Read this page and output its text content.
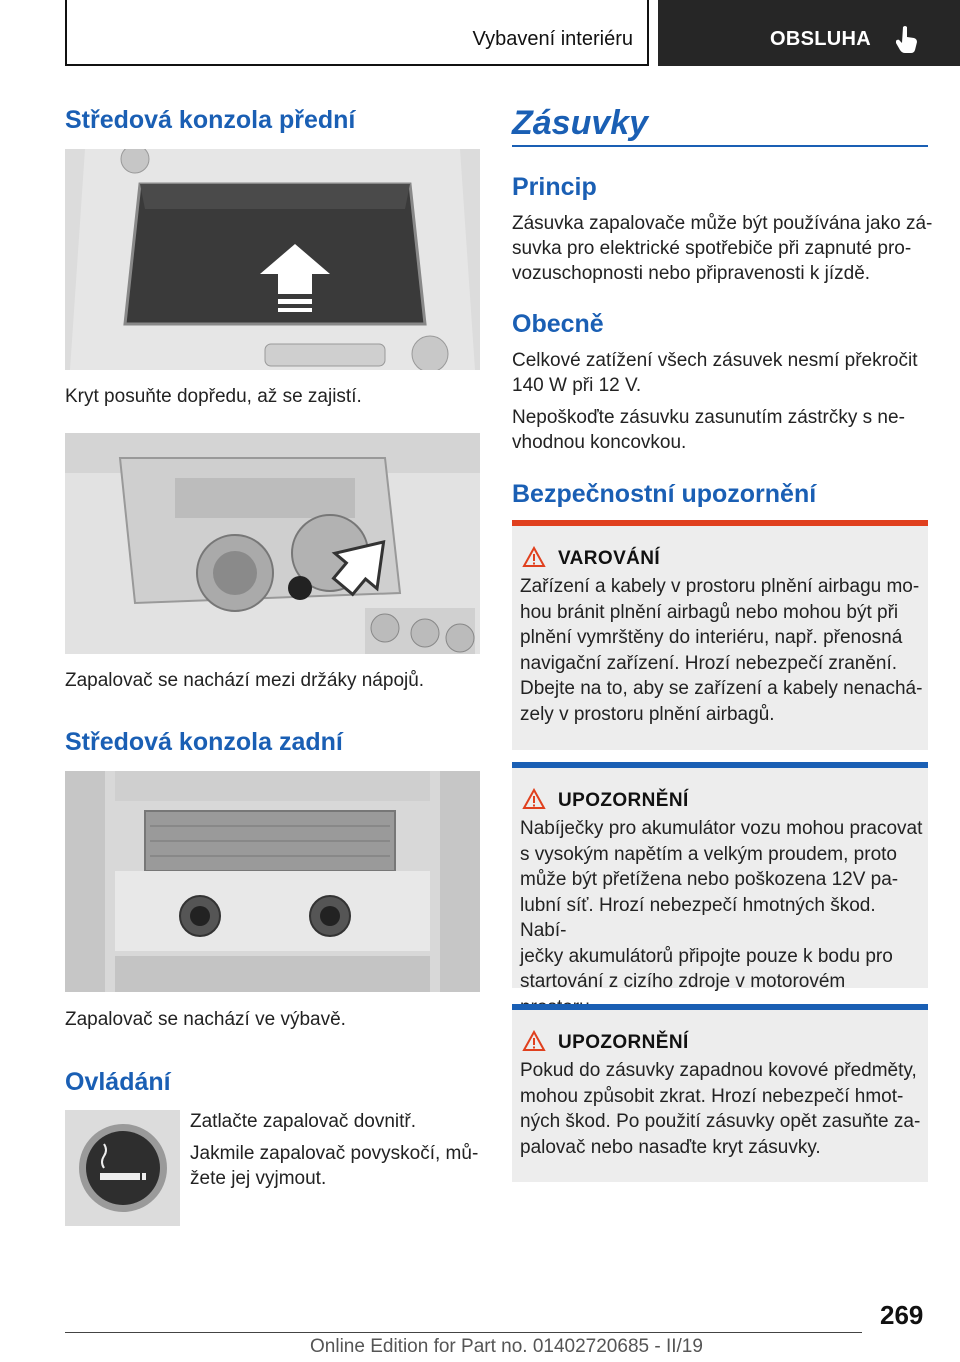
Vybavení interiéru	OBSLUHA
Středová konzola přední
Kryt posuňte dopředu, až se zajistí.
Zapalovač se nachází mezi držáky nápojů.
Středová konzola zadní
Zapalovač se nachází ve výbavě.
Ovládání
Zatlačte zapalovač dovnitř.
Jakmile zapalovač povyskočí, mů-
žete jej vyjmout.
Zásuvky
Princip
Zásuvka zapalovače může být používána jako zá-
suvka pro elektrické spotřebiče při zapnuté pro-
vozuschopnosti nebo připravenosti k jízdě.
Obecně
Celkové zatížení všech zásuvek nesmí překročit
140 W při 12 V.
Nepoškoďte zásuvku zasunutím zástrčky s ne-
vhodnou koncovkou.
Bezpečnostní upozornění
VAROVÁNÍ
Zařízení a kabely v prostoru plnění airbagu mo-
hou bránit plnění airbagů nebo mohou být při
plnění vymrštěny do interiéru, např. přenosná
navigační zařízení. Hrozí nebezpečí zranění.
Dbejte na to, aby se zařízení a kabely nenachá-
zely v prostoru plnění airbagů.
UPOZORNĚNÍ
Nabíječky pro akumulátor vozu mohou pracovat
s vysokým napětím a velkým proudem, proto
může být přetížena nebo poškozena 12V pa-
lubní síť. Hrozí nebezpečí hmotných škod. Nabí-
ječky akumulátorů připojte pouze k bodu pro
startování z cizího zdroje v motorovém
UPOZORNĚNÍ
Pokud do zásuvky zapadnou kovové předměty,
mohou způsobit zkrat. Hrozí nebezpečí hmot-
ných škod. Po použití zásuvky opět zasuňte za-
palovač nebo nasaďte kryt zásuvky.
269
Online Edition for Part no. 01402720685 - II/19
